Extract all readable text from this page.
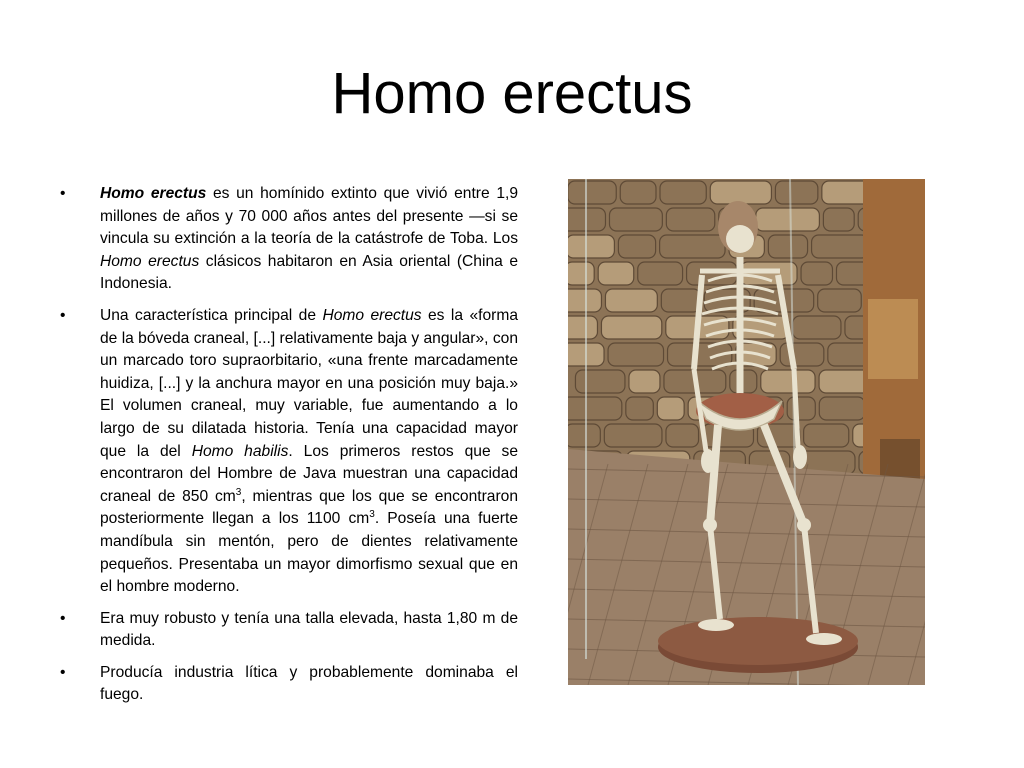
Homo erectus
•	Homo erectus es un homínido extinto que vivió entre 1,9 millones de años y 70 000 años antes del presente —si se vincula su extinción a la teoría de la catástrofe de Toba. Los Homo erectus clásicos habitaron en Asia oriental (China e Indonesia.
•	Una característica principal de Homo erectus es la «forma de la bóveda craneal, [...] relativamente baja y angular», con un marcado toro supraorbitario, «una frente marcadamente huidiza, [...] y la anchura mayor en una posición muy baja.» El volumen craneal, muy variable, fue aumentando a lo largo de su dilatada historia. Tenía una capacidad mayor que la del Homo habilis. Los primeros restos que se encontraron del Hombre de Java muestran una capacidad craneal de 850 $cm^3$, mientras que los que se encontraron posteriormente llegan a los 1100 $cm^3$. Poseía una fuerte mandíbula sin mentón, pero de dientes relativamente pequeños. Presentaba un mayor dimorfismo sexual que en el hombre moderno.
•	Era muy robusto y tenía una talla elevada, hasta 1,80 m de medida.
•	Producía industria lítica y probablemente dominaba el fuego.
